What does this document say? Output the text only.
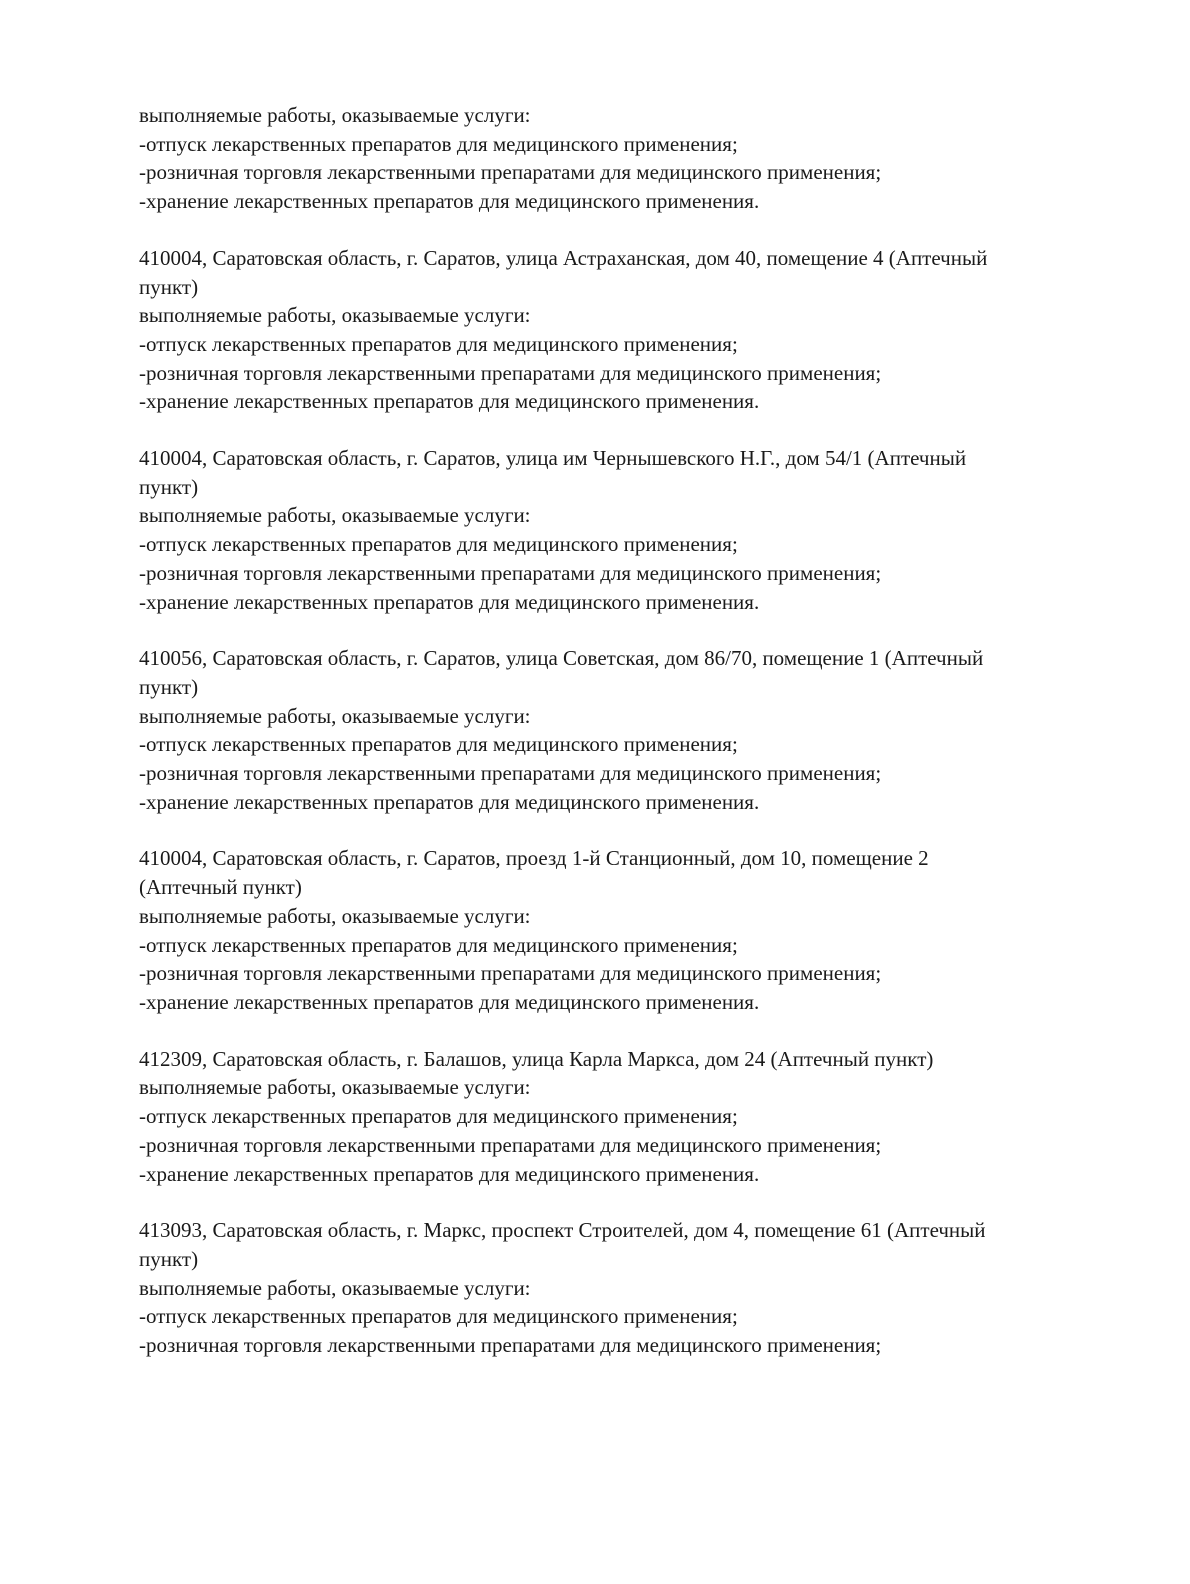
выполняемые работы, оказываемые услуги:
-отпуск лекарственных препаратов для медицинского применения;
-розничная торговля лекарственными препаратами для медицинского применения;
-хранение лекарственных препаратов для медицинского применения.
410004, Саратовская область, г. Саратов, улица Астраханская, дом 40, помещение 4 (Аптечный
пункт)
выполняемые работы, оказываемые услуги:
-отпуск лекарственных препаратов для медицинского применения;
-розничная торговля лекарственными препаратами для медицинского применения;
-хранение лекарственных препаратов для медицинского применения.
410004, Саратовская область, г. Саратов, улица им Чернышевского Н.Г., дом 54/1 (Аптечный
пункт)
выполняемые работы, оказываемые услуги:
-отпуск лекарственных препаратов для медицинского применения;
-розничная торговля лекарственными препаратами для медицинского применения;
-хранение лекарственных препаратов для медицинского применения.
410056, Саратовская область, г. Саратов, улица Советская, дом 86/70, помещение 1 (Аптечный
пункт)
выполняемые работы, оказываемые услуги:
-отпуск лекарственных препаратов для медицинского применения;
-розничная торговля лекарственными препаратами для медицинского применения;
-хранение лекарственных препаратов для медицинского применения.
410004, Саратовская область, г. Саратов, проезд 1-й Станционный, дом 10, помещение 2
(Аптечный пункт)
выполняемые работы, оказываемые услуги:
-отпуск лекарственных препаратов для медицинского применения;
-розничная торговля лекарственными препаратами для медицинского применения;
-хранение лекарственных препаратов для медицинского применения.
412309, Саратовская область, г. Балашов, улица Карла Маркса, дом 24 (Аптечный пункт)
выполняемые работы, оказываемые услуги:
-отпуск лекарственных препаратов для медицинского применения;
-розничная торговля лекарственными препаратами для медицинского применения;
-хранение лекарственных препаратов для медицинского применения.
413093, Саратовская область, г. Маркс, проспект Строителей, дом 4, помещение 61 (Аптечный
пункт)
выполняемые работы, оказываемые услуги:
-отпуск лекарственных препаратов для медицинского применения;
-розничная торговля лекарственными препаратами для медицинского применения;
